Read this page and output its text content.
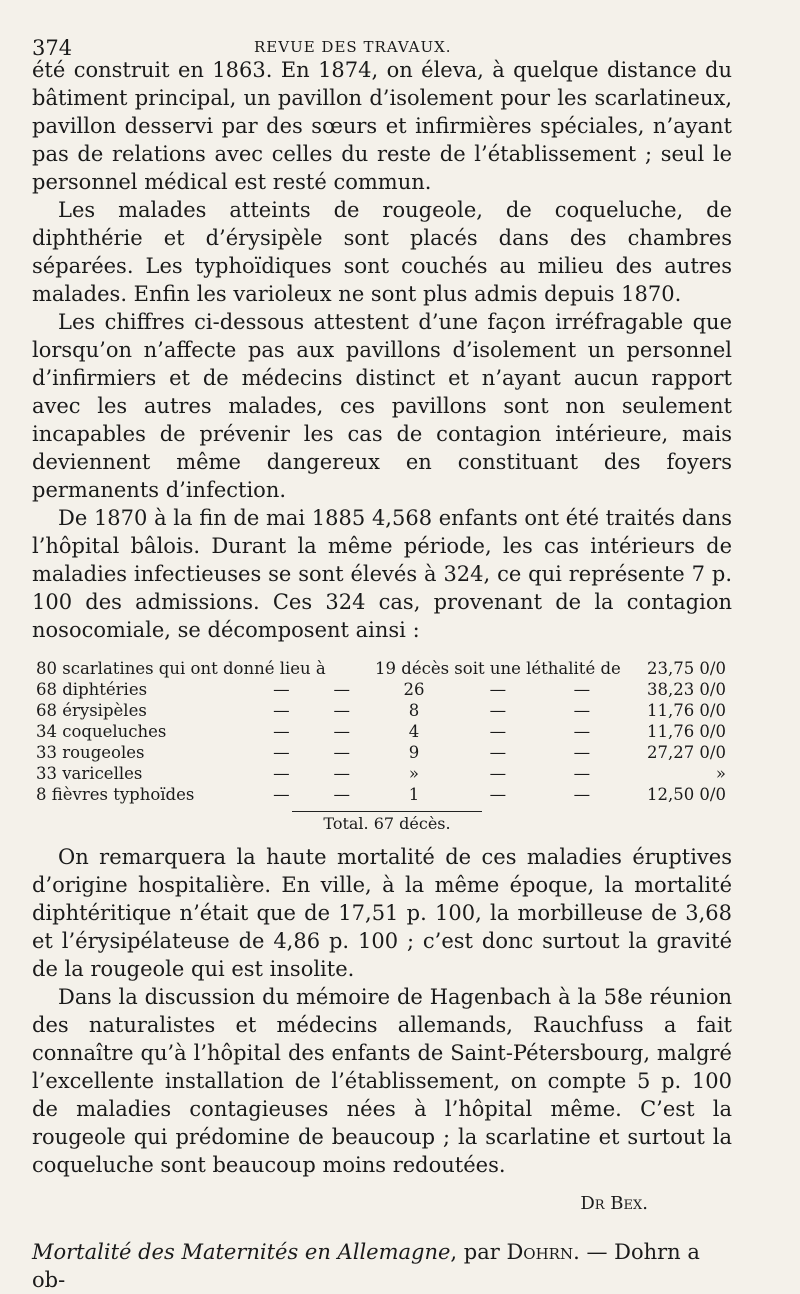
374	REVUE DES TRAVAUX.

été construit en 1863. En 1874, on éleva, à quelque distance du bâtiment principal, un pavillon d’isolement pour les scarlatineux, pavillon desservi par des sœurs et infirmières spéciales, n’ayant pas de relations avec celles du reste de l’établissement ; seul le personnel médical est resté commun.

Les malades atteints de rougeole, de coqueluche, de diphthérie et d’érysipèle sont placés dans des chambres séparées. Les typhoïdiques sont couchés au milieu des autres malades. Enfin les varioleux ne sont plus admis depuis 1870.

Les chiffres ci-dessous attestent d’une façon irréfragable que lorsqu’on n’affecte pas aux pavillons d’isolement un personnel d’infirmiers et de médecins distinct et n’ayant aucun rapport avec les autres malades, ces pavillons sont non seulement incapables de prévenir les cas de contagion intérieure, mais deviennent même dangereux en constituant des foyers permanents d’infection.

De 1870 à la fin de mai 1885 4,568 enfants ont été traités dans l’hôpital bâlois. Durant la même période, les cas intérieurs de maladies infectieuses se sont élevés à 324, ce qui représente 7 p. 100 des admissions. Ces 324 cas, provenant de la contagion nosocomiale, se décomposent ainsi :

80 scarlatines qui ont donné lieu à			19 décès soit une léthalité de			23,75 0/0
68 diphtéries	—	—	26	—	—	38,23 0/0
68 érysipèles	—	—	8	—	—	11,76 0/0
34 coqueluches	—	—	4	—	—	11,76 0/0
33 rougeoles	—	—	9	—	—	27,27 0/0
33 varicelles	—	—	»	—	—	»
8 fièvres typhoïdes	—	—	1	—	—	12,50 0/0
Total. 67 décès.

On remarquera la haute mortalité de ces maladies éruptives d’origine hospitalière. En ville, à la même époque, la mortalité diphtéritique n’était que de 17,51 p. 100, la morbilleuse de 3,68 et l’érysipélateuse de 4,86 p. 100 ; c’est donc surtout la gravité de la rougeole qui est insolite.

Dans la discussion du mémoire de Hagenbach à la 58e réunion des naturalistes et médecins allemands, Rauchfuss a fait connaître qu’à l’hôpital des enfants de Saint-Pétersbourg, malgré l’excellente installation de l’établissement, on compte 5 p. 100 de maladies contagieuses nées à l’hôpital même. C’est la rougeole qui prédomine de beaucoup ; la scarlatine et surtout la coqueluche sont beaucoup moins redoutées.

Dr Bex.
Mortalité des Maternités en Allemagne, par Dohrn. — Dohrn a ob-
